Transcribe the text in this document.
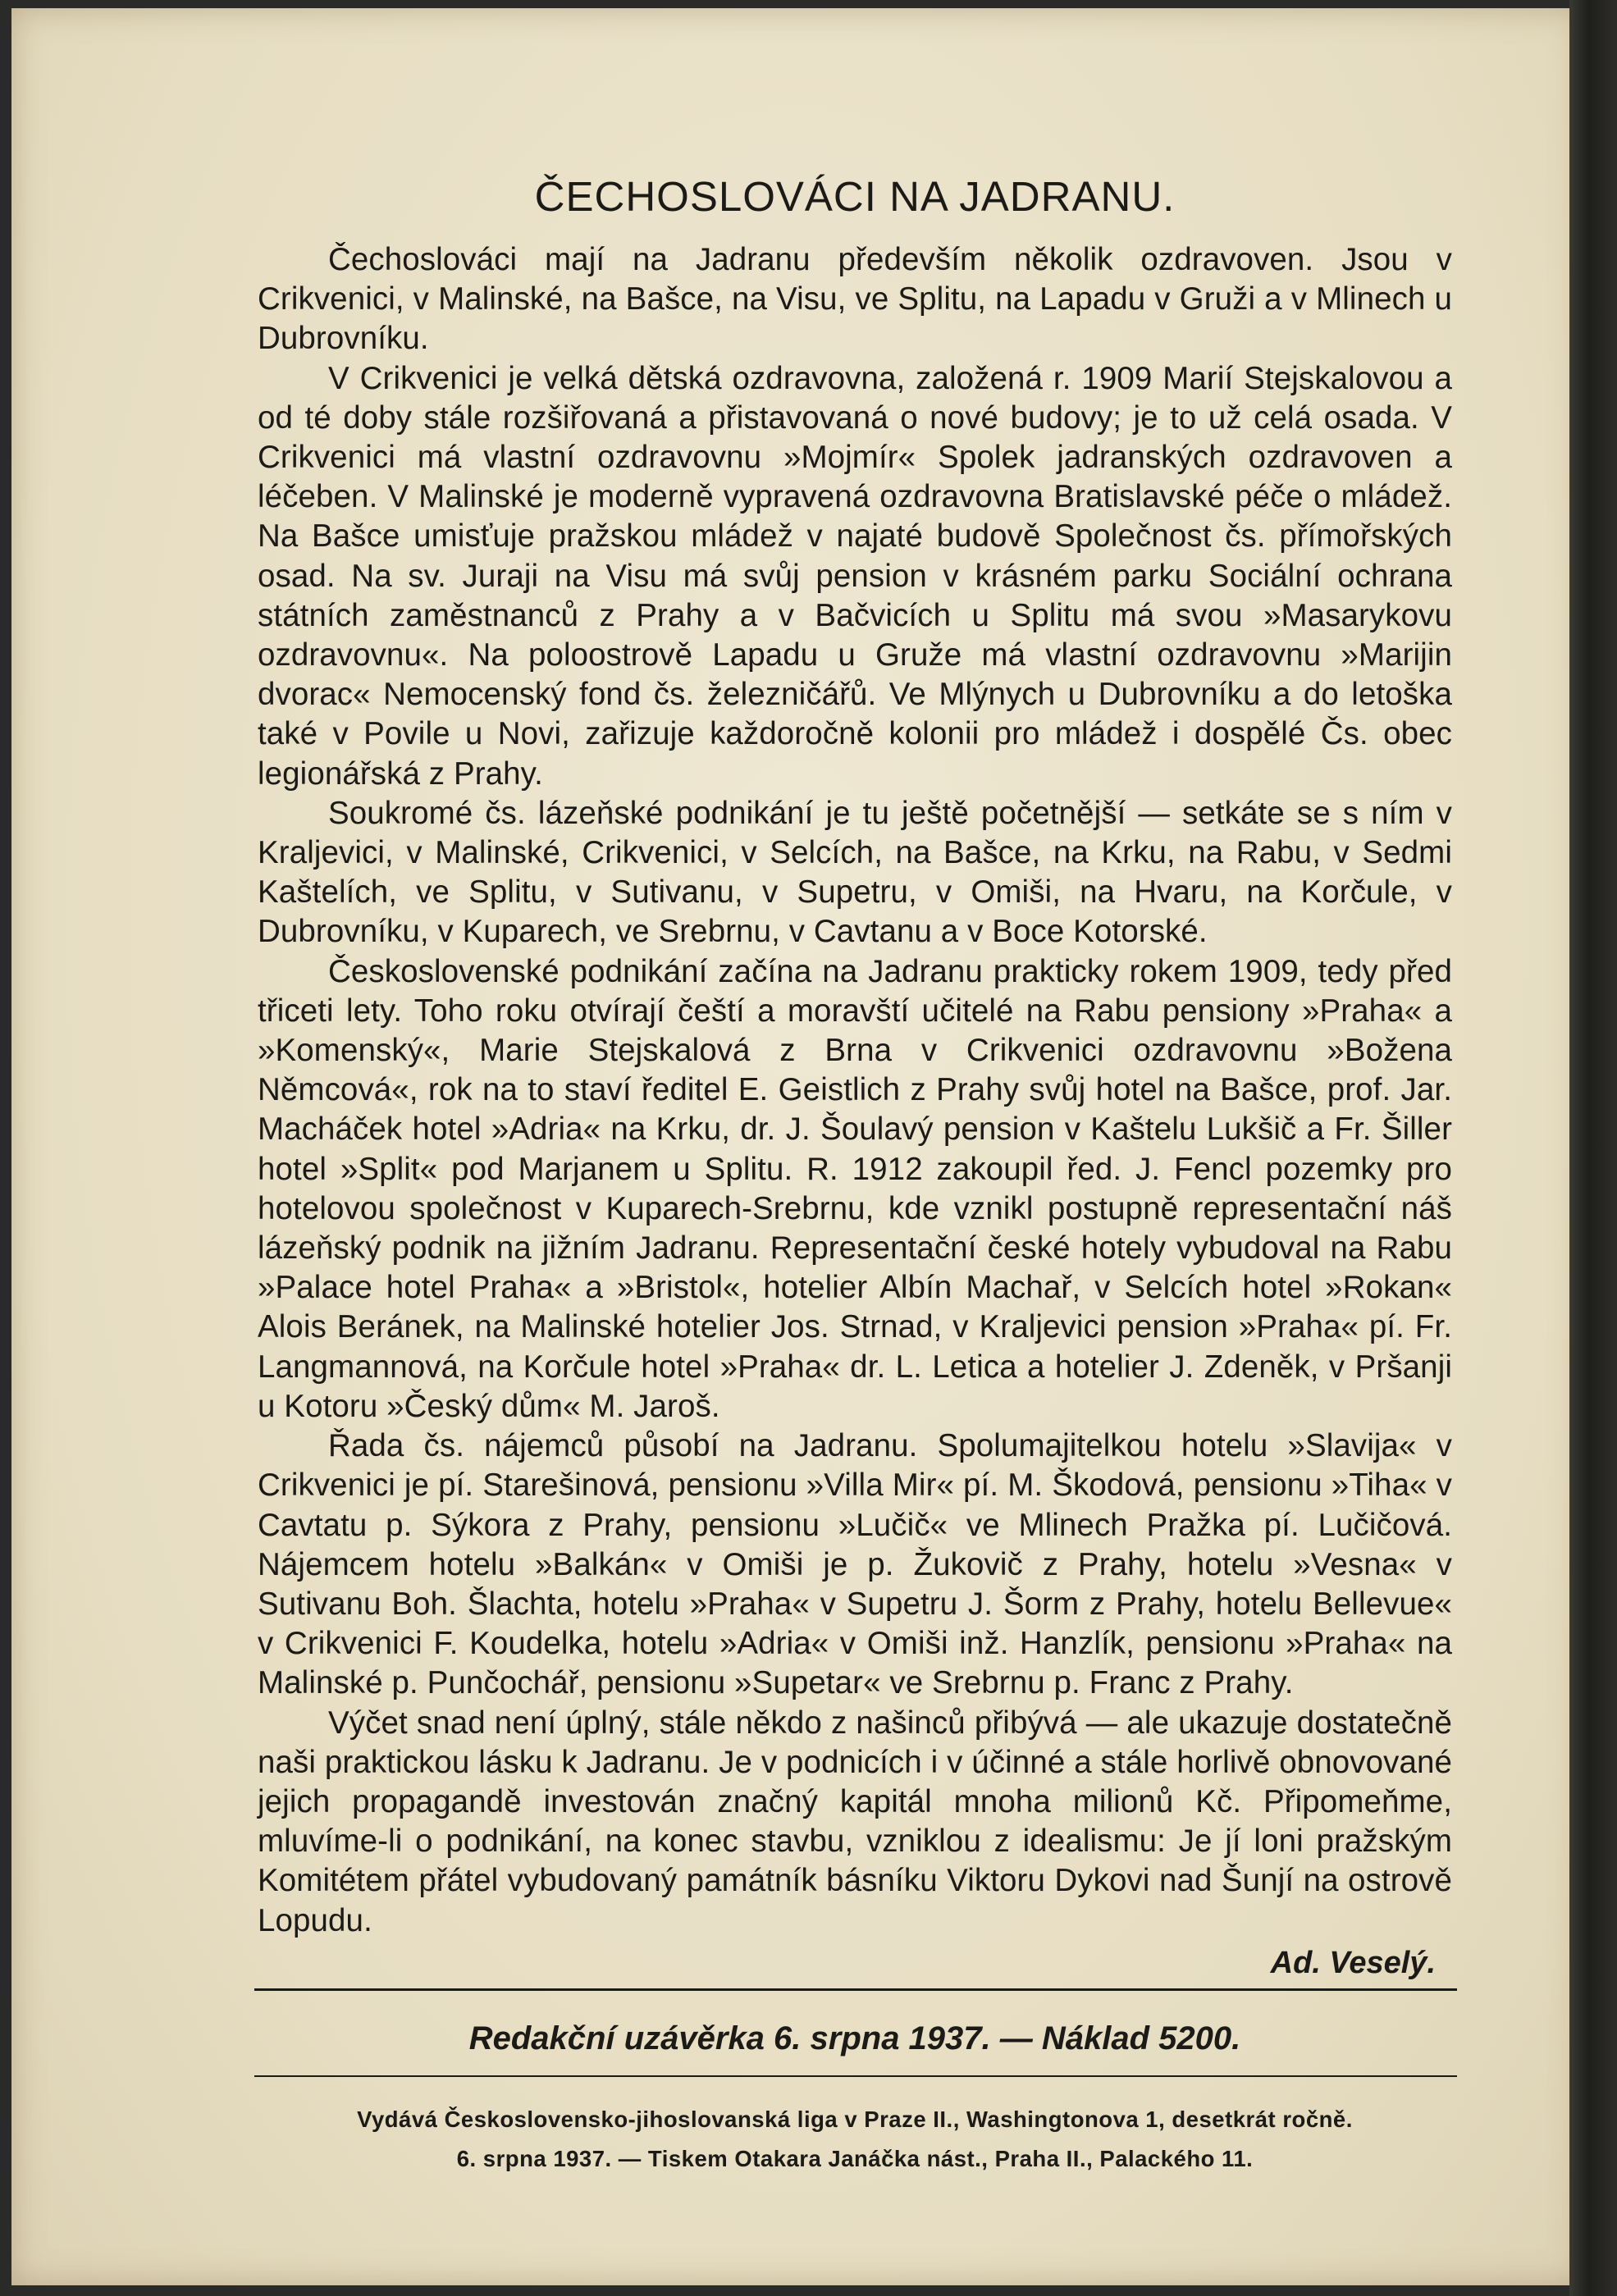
ČECHOSLOVÁCI NA JADRANU.

Čechoslováci mají na Jadranu především několik ozdravoven. Jsou v Crikvenici, v Malinské, na Bašce, na Visu, ve Splitu, na Lapadu v Gruži a v Mlinech u Dubrovníku.

V Crikvenici je velká dětská ozdravovna, založená r. 1909 Marií Stejskalovou a od té doby stále rozšiřovaná a přistavovaná o nové budovy; je to už celá osada. V Crikvenici má vlastní ozdravovnu »Mojmír« Spolek jadranských ozdravoven a léčeben. V Malinské je moderně vypravená ozdravovna Bratislavské péče o mládež. Na Bašce umisťuje pražskou mládež v najaté budově Společnost čs. přímořských osad. Na sv. Juraji na Visu má svůj pension v krásném parku Sociální ochrana státních zaměstnanců z Prahy a v Bačvicích u Splitu má svou »Masarykovu ozdravovnu«. Na poloostrově Lapadu u Gruže má vlastní ozdravovnu »Marijin dvorac« Nemocenský fond čs. železničářů. Ve Mlýnych u Dubrovníku a do letoška také v Povile u Novi, zařizuje každoročně kolonii pro mládež i dospělé Čs. obec legionářská z Prahy.

Soukromé čs. lázeňské podnikání je tu ještě početnější — setkáte se s ním v Kraljevici, v Malinské, Crikvenici, v Selcích, na Bašce, na Krku, na Rabu, v Sedmi Kaštelích, ve Splitu, v Sutivanu, v Supetru, v Omiši, na Hvaru, na Korčule, v Dubrovníku, v Kuparech, ve Srebrnu, v Cavtanu a v Boce Kotorské.

Československé podnikání začína na Jadranu prakticky rokem 1909, tedy před třiceti lety. Toho roku otvírají čeští a moravští učitelé na Rabu pensiony »Praha« a »Komenský«, Marie Stejskalová z Brna v Crikvenici ozdravovnu »Božena Němcová«, rok na to staví ředitel E. Geistlich z Prahy svůj hotel na Bašce, prof. Jar. Macháček hotel »Adria« na Krku, dr. J. Šoulavý pension v Kaštelu Lukšič a Fr. Šiller hotel »Split« pod Marjanem u Splitu. R. 1912 zakoupil řed. J. Fencl pozemky pro hotelovou společnost v Kuparech-Srebrnu, kde vznikl postupně representační náš lázeňský podnik na jižním Jadranu. Representační české hotely vybudoval na Rabu »Palace hotel Praha« a »Bristol«, hotelier Albín Machař, v Selcích hotel »Rokan« Alois Beránek, na Malinské hotelier Jos. Strnad, v Kraljevici pension »Praha« pí. Fr. Langmannová, na Korčule hotel »Praha« dr. L. Letica a hotelier J. Zdeněk, v Pršanji u Kotoru »Český dům« M. Jaroš.

Řada čs. nájemců působí na Jadranu. Spolumajitelkou hotelu »Slavija« v Crikvenici je pí. Starešinová, pensionu »Villa Mir« pí. M. Škodová, pensionu »Tiha« v Cavtatu p. Sýkora z Prahy, pensionu »Lučič« ve Mlinech Pražka pí. Lučičová. Nájemcem hotelu »Balkán« v Omiši je p. Žukovič z Prahy, hotelu »Vesna« v Sutivanu Boh. Šlachta, hotelu »Praha« v Supetru J. Šorm z Prahy, hotelu Bellevue« v Crikvenici F. Koudelka, hotelu »Adria« v Omiši inž. Hanzlík, pensionu »Praha« na Malinské p. Punčochář, pensionu »Supetar« ve Srebrnu p. Franc z Prahy.

Výčet snad není úplný, stále někdo z našinců přibývá — ale ukazuje dostatečně naši praktickou lásku k Jadranu. Je v podnicích i v účinné a stále horlivě obnovované jejich propagandě investován značný kapitál mnoha milionů Kč. Připomeňme, mluvíme-li o podnikání, na konec stavbu, vzniklou z idealismu: Je jí loni pražským Komitétem přátel vybudovaný památník básníku Viktoru Dykovi nad Šunjí na ostrově Lopudu.

Ad. Veselý.
Redakční uzávěrka 6. srpna 1937. — Náklad 5200.
Vydává Československo-jihoslovanská liga v Praze II., Washingtonova 1, desetkrát ročně.
6. srpna 1937. — Tiskem Otakara Janáčka nást., Praha II., Palackého 11.
